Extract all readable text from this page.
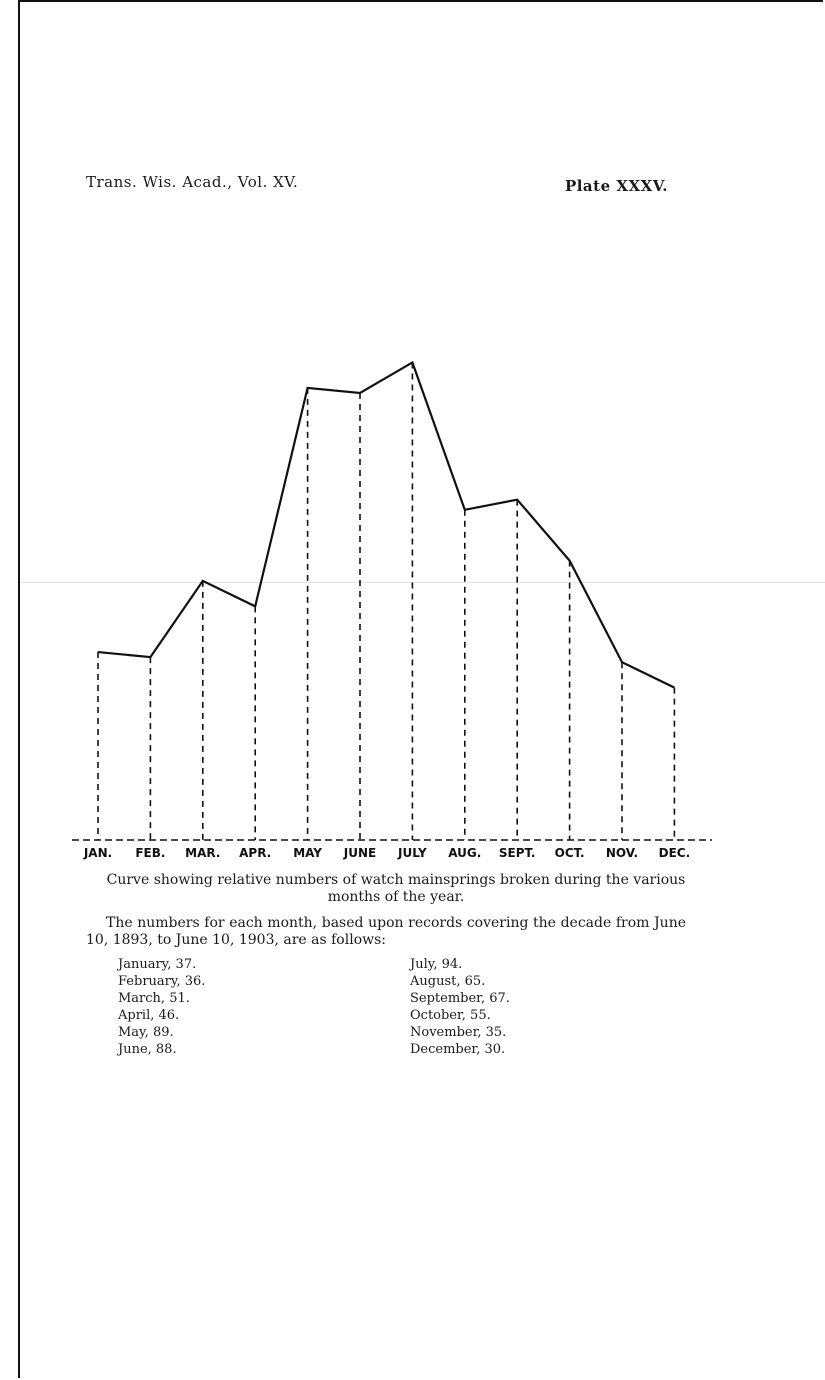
Trans. Wis. Acad., Vol. XV.	Plate XXXV.
JAN. FEB. MAR. APR. MAY JUNE JULY AUG. SEPT. OCT. NOV. DEC.
Curve showing relative numbers of watch mainsprings broken during the various months of the year.
The numbers for each month, based upon records covering the decade from June 10, 1893, to June 10, 1903, are as follows:
January, 37.
February, 36.
March, 51.
April, 46.
May, 89.
June, 88.
July, 94.
August, 65.
September, 67.
October, 55.
November, 35.
December, 30.
